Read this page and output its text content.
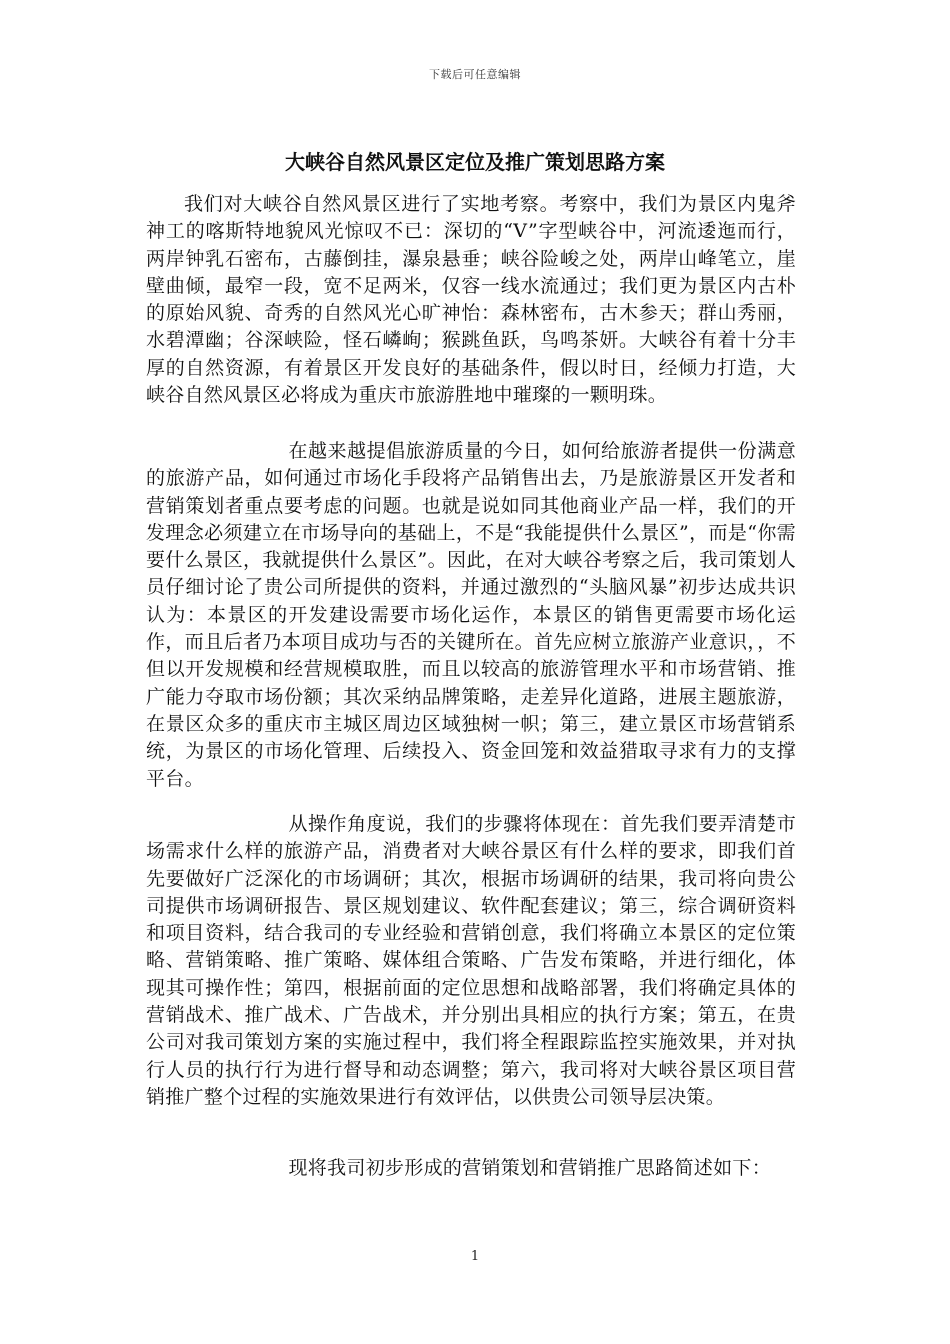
下载后可任意编辑
大峡谷自然风景区定位及推广策划思路方案

我们对大峡谷自然风景区进行了实地考察。考察中，我们为景区内鬼斧神工的喀斯特地貌风光惊叹不已：深切的“V”字型峡谷中，河流逶迤而行，两岸钟乳石密布，古藤倒挂，瀑泉悬垂；峡谷险峻之处，两岸山峰笔立，崖壁曲倾，最窄一段，宽不足两米，仅容一线水流通过；我们更为景区内古朴的原始风貌、奇秀的自然风光心旷神怡：森林密布，古木参天；群山秀丽，水碧潭幽；谷深峡险，怪石嶙峋；猴跳鱼跃，鸟鸣茶妍。大峡谷有着十分丰厚的自然资源，有着景区开发良好的基础条件，假以时日，经倾力打造，大峡谷自然风景区必将成为重庆市旅游胜地中璀璨的一颗明珠。

在越来越提倡旅游质量的今日，如何给旅游者提供一份满意的旅游产品，如何通过市场化手段将产品销售出去，乃是旅游景区开发者和营销策划者重点要考虑的问题。也就是说如同其他商业产品一样，我们的开发理念必须建立在市场导向的基础上，不是“我能提供什么景区”，而是“你需要什么景区，我就提供什么景区”。因此，在对大峡谷考察之后，我司策划人员仔细讨论了贵公司所提供的资料，并通过激烈的“头脑风暴”初步达成共识认为：本景区的开发建设需要市场化运作，本景区的销售更需要市场化运作，而且后者乃本项目成功与否的关键所在。首先应树立旅游产业意识，，不但以开发规模和经营规模取胜，而且以较高的旅游管理水平和市场营销、推广能力夺取市场份额；其次采纳品牌策略，走差异化道路，进展主题旅游，在景区众多的重庆市主城区周边区域独树一帜；第三，建立景区市场营销系统，为景区的市场化管理、后续投入、资金回笼和效益猎取寻求有力的支撑平台。

从操作角度说，我们的步骤将体现在：首先我们要弄清楚市场需求什么样的旅游产品，消费者对大峡谷景区有什么样的要求，即我们首先要做好广泛深化的市场调研；其次，根据市场调研的结果，我司将向贵公司提供市场调研报告、景区规划建议、软件配套建议；第三，综合调研资料和项目资料，结合我司的专业经验和营销创意，我们将确立本景区的定位策略、营销策略、推广策略、媒体组合策略、广告发布策略，并进行细化，体现其可操作性；第四，根据前面的定位思想和战略部署，我们将确定具体的营销战术、推广战术、广告战术，并分别出具相应的执行方案；第五，在贵公司对我司策划方案的实施过程中，我们将全程跟踪监控实施效果，并对执行人员的执行行为进行督导和动态调整；第六，我司将对大峡谷景区项目营销推广整个过程的实施效果进行有效评估，以供贵公司领导层决策。

现将我司初步形成的营销策划和营销推广思路简述如下：

1
